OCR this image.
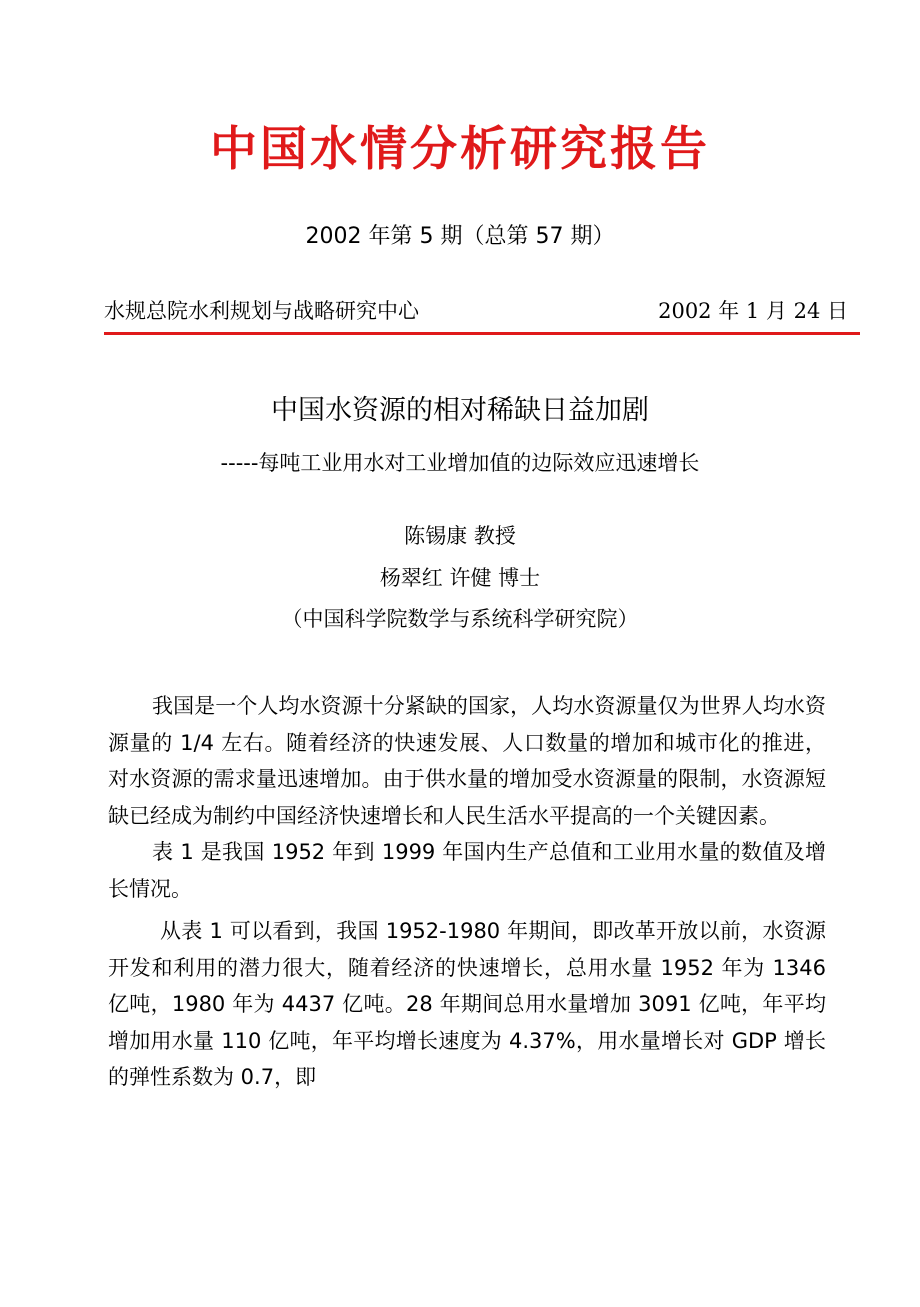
中国水情分析研究报告
2002 年第 5 期（总第 57 期）
水规总院水利规划与战略研究中心	2002 年 1 月 24 日
中国水资源的相对稀缺日益加剧
-----每吨工业用水对工业增加值的边际效应迅速增长
陈锡康 教授
杨翠红 许健 博士
（中国科学院数学与系统科学研究院）

我国是一个人均水资源十分紧缺的国家，人均水资源量仅为世界人均水资源量的 1/4 左右。随着经济的快速发展、人口数量的增加和城市化的推进，对水资源的需求量迅速增加。由于供水量的增加受水资源量的限制，水资源短缺已经成为制约中国经济快速增长和人民生活水平提高的一个关键因素。

表 1 是我国 1952 年到 1999 年国内生产总值和工业用水量的数值及增长情况。

从表 1 可以看到，我国 1952-1980 年期间，即改革开放以前，水资源开发和利用的潜力很大，随着经济的快速增长，总用水量 1952 年为 1346 亿吨，1980 年为 4437 亿吨。28 年期间总用水量增加 3091 亿吨，年平均增加用水量 110 亿吨，年平均增长速度为 4.37%，用水量增长对 GDP 增长的弹性系数为 0.7，即
